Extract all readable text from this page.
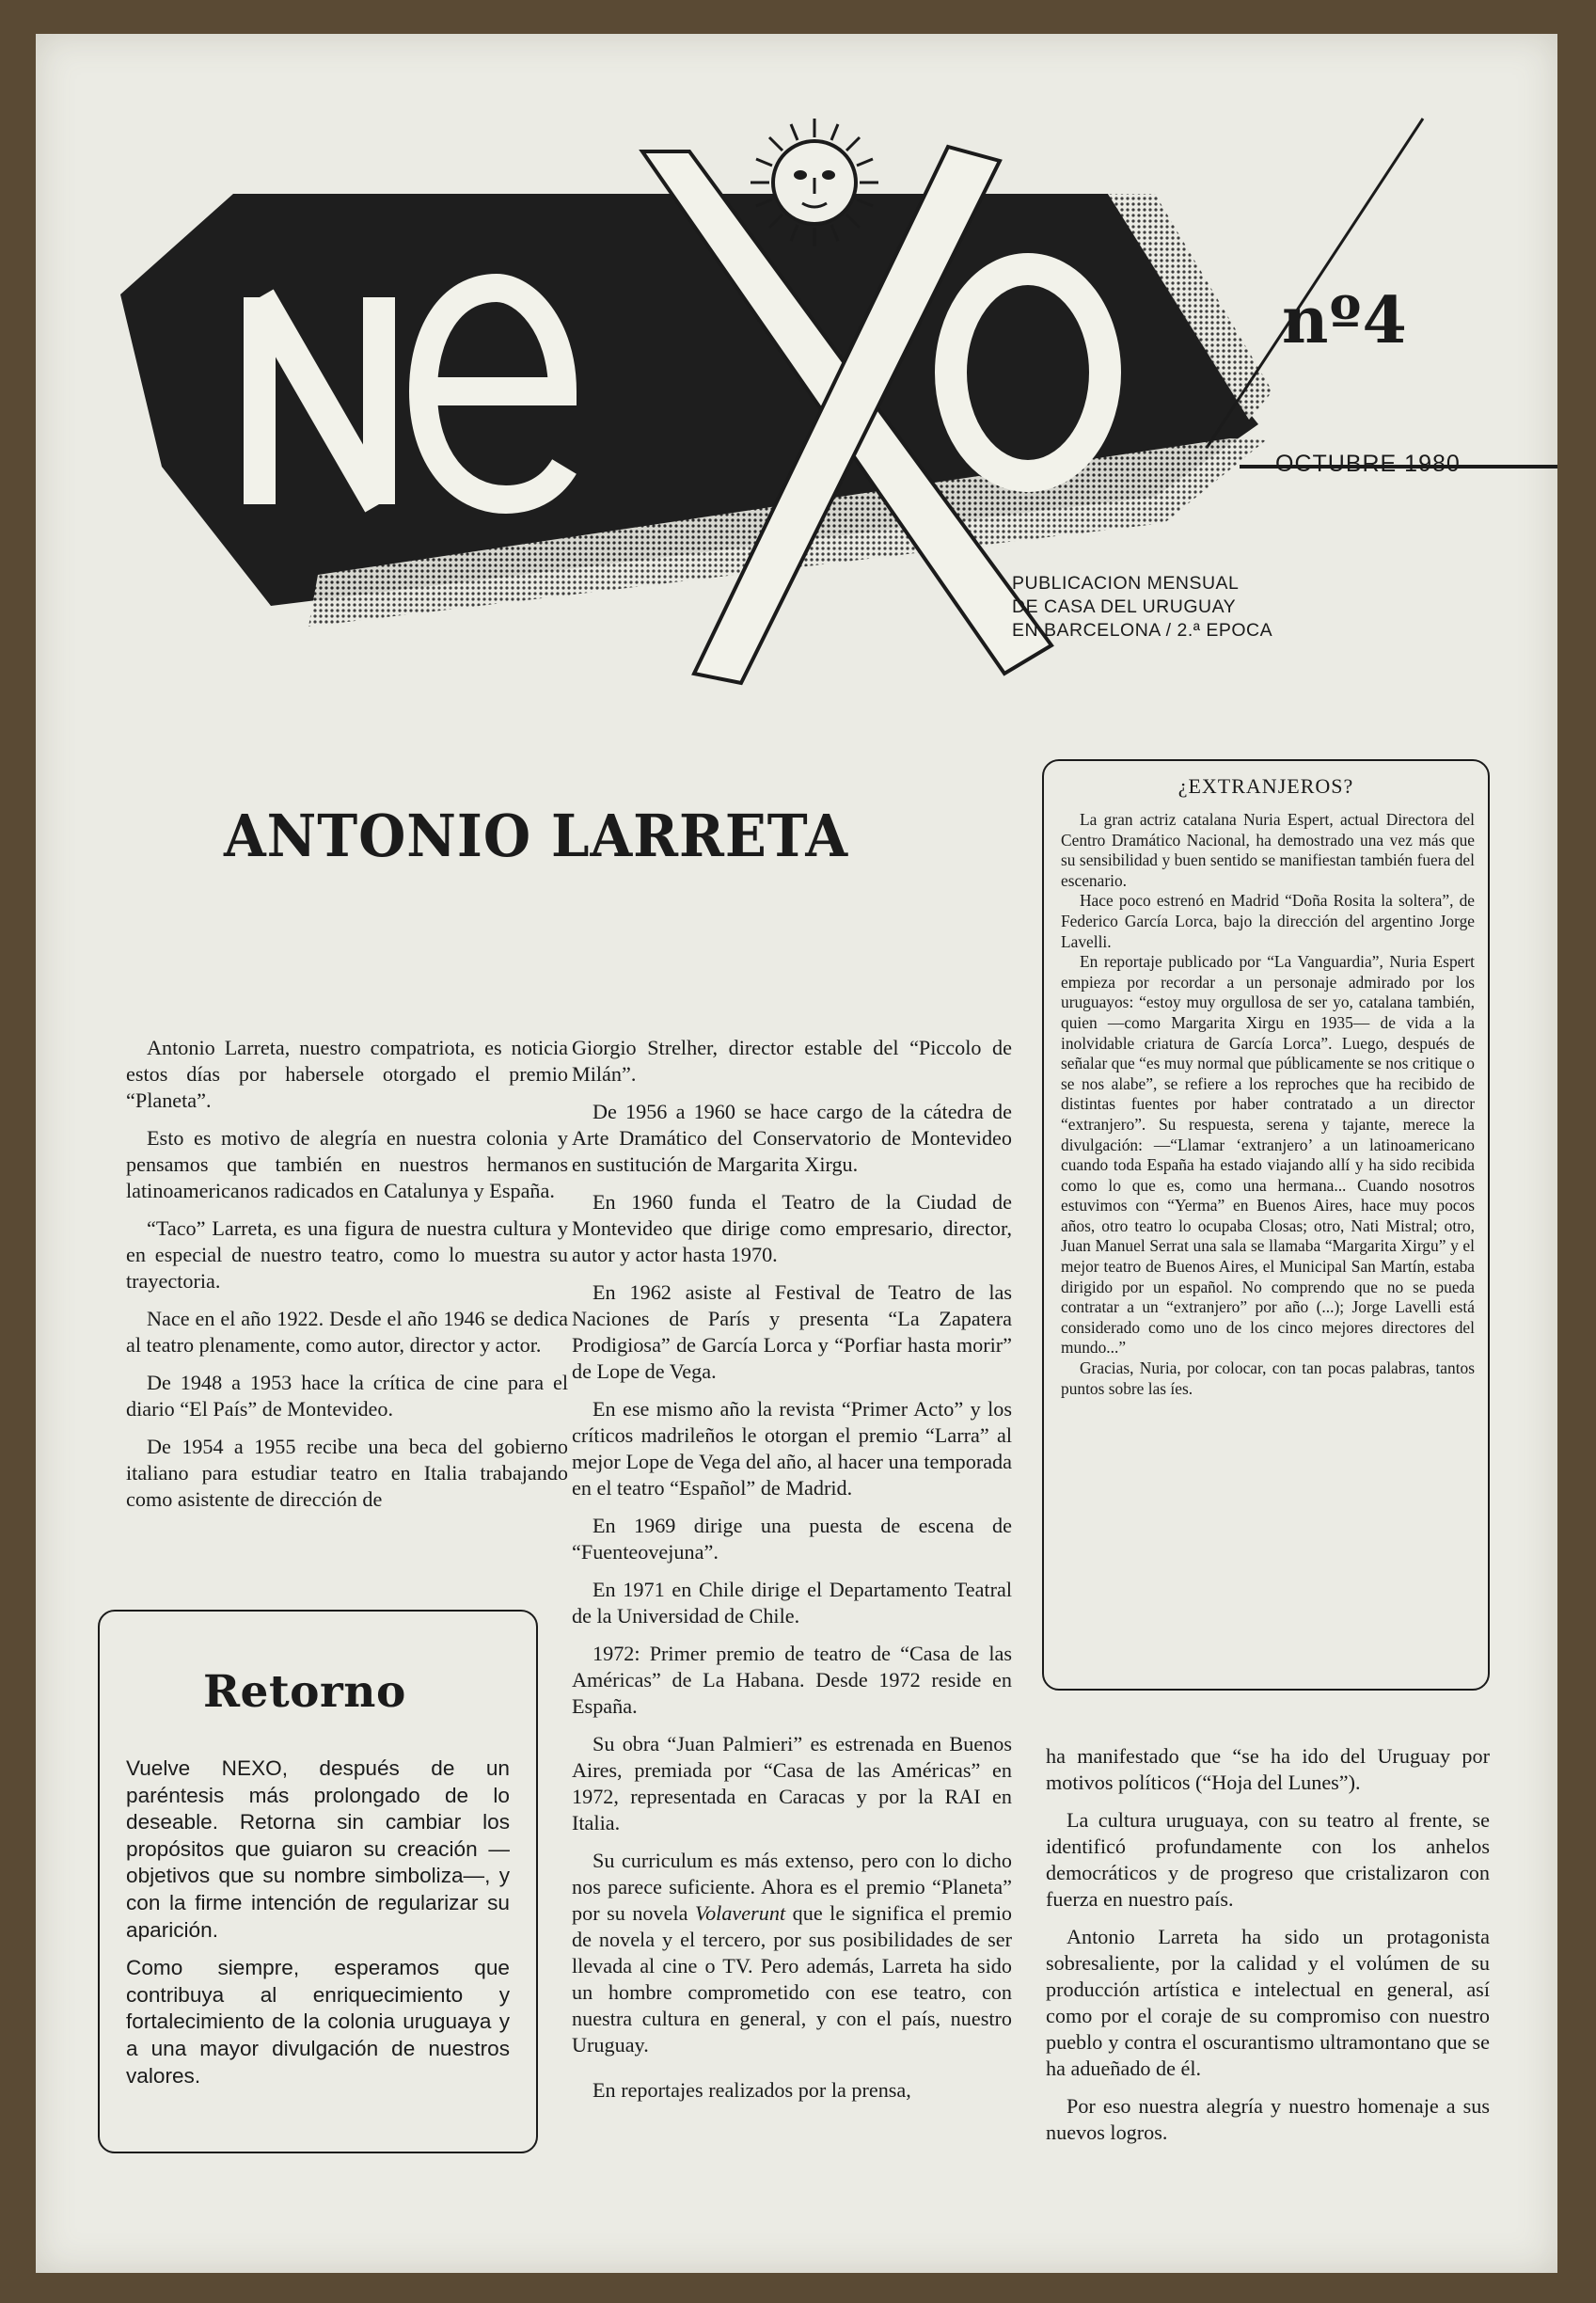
nº4
OCTUBRE 1980
PUBLICACION MENSUAL
DE CASA DEL URUGUAY
EN BARCELONA / 2.ª EPOCA
ANTONIO LARRETA

Antonio Larreta, nuestro compatriota, es noticia estos días por habersele otorgado el premio “Planeta”.

Esto es motivo de alegría en nuestra colonia y pensamos que también en nuestros hermanos latinoamericanos radicados en Catalunya y España.

“Taco” Larreta, es una figura de nuestra cultura y en especial de nuestro teatro, como lo muestra su trayectoria.

Nace en el año 1922. Desde el año 1946 se dedica al teatro plenamente, como autor, director y actor.

De 1948 a 1953 hace la crítica de cine para el diario “El País” de Montevideo.

De 1954 a 1955 recibe una beca del gobierno italiano para estudiar teatro en Italia trabajando como asistente de dirección de

Giorgio Strelher, director estable del “Piccolo de Milán”.

De 1956 a 1960 se hace cargo de la cátedra de Arte Dramático del Conservatorio de Montevideo en sustitución de Margarita Xirgu.

En 1960 funda el Teatro de la Ciudad de Montevideo que dirige como empresario, director, autor y actor hasta 1970.

En 1962 asiste al Festival de Teatro de las Naciones de París y presenta “La Zapatera Prodigiosa” de García Lorca y “Porfiar hasta morir” de Lope de Vega.

En ese mismo año la revista “Primer Acto” y los críticos madrileños le otorgan el premio “Larra” al mejor Lope de Vega del año, al hacer una temporada en el teatro “Español” de Madrid.

En 1969 dirige una puesta de escena de “Fuenteovejuna”.

En 1971 en Chile dirige el Departamento Teatral de la Universidad de Chile.

1972: Primer premio de teatro de “Casa de las Américas” de La Habana. Desde 1972 reside en España.

Su obra “Juan Palmieri” es estrenada en Buenos Aires, premiada por “Casa de las Américas” en 1972, representada en Caracas y por la RAI en Italia.

Su curriculum es más extenso, pero con lo dicho nos parece suficiente. Ahora es el premio “Planeta” por su novela Volaverunt que le significa el premio de novela y el tercero, por sus posibilidades de ser llevada al cine o TV. Pero además, Larreta ha sido un hombre comprometido con ese teatro, con nuestra cultura en general, y con el país, nuestro Uruguay.

En reportajes realizados por la prensa,

ha manifestado que “se ha ido del Uruguay por motivos políticos (“Hoja del Lunes”).

La cultura uruguaya, con su teatro al frente, se identificó profundamente con los anhelos democráticos y de progreso que cristalizaron con fuerza en nuestro país.

Antonio Larreta ha sido un protagonista sobresaliente, por la calidad y el volúmen de su producción artística e intelectual en general, así como por el coraje de su compromiso con nuestro pueblo y contra el oscurantismo ultramontano que se ha adueñado de él.

Por eso nuestra alegría y nuestro homenaje a sus nuevos logros.

¿EXTRANJEROS?

La gran actriz catalana Nuria Espert, actual Directora del Centro Dramático Nacional, ha demostrado una vez más que su sensibilidad y buen sentido se manifiestan también fuera del escenario.

Hace poco estrenó en Madrid “Doña Rosita la soltera”, de Federico García Lorca, bajo la dirección del argentino Jorge Lavelli.

En reportaje publicado por “La Vanguardia”, Nuria Espert empieza por recordar a un personaje admirado por los uruguayos: “estoy muy orgullosa de ser yo, catalana también, quien —como Margarita Xirgu en 1935— de vida a la inolvidable criatura de García Lorca”. Luego, después de señalar que “es muy normal que públicamente se nos critique o se nos alabe”, se refiere a los reproches que ha recibido de distintas fuentes por haber contratado a un director “extranjero”. Su respuesta, serena y tajante, merece la divulgación: —“Llamar ‘extranjero’ a un latinoamericano cuando toda España ha estado viajando allí y ha sido recibida como lo que es, como una hermana... Cuando nosotros estuvimos con “Yerma” en Buenos Aires, hace muy pocos años, otro teatro lo ocupaba Closas; otro, Nati Mistral; otro, Juan Manuel Serrat una sala se llamaba “Margarita Xirgu” y el mejor teatro de Buenos Aires, el Municipal San Martín, estaba dirigido por un español. No comprendo que no se pueda contratar a un “extranjero” por año (...); Jorge Lavelli está considerado como uno de los cinco mejores directores del mundo...”

Gracias, Nuria, por colocar, con tan pocas palabras, tantos puntos sobre las íes.

Retorno

Vuelve NEXO, después de un paréntesis más prolongado de lo deseable. Retorna sin cambiar los propósitos que guiaron su creación —objetivos que su nombre simboliza—, y con la firme intención de regularizar su aparición.

Como siempre, esperamos que contribuya al enriquecimiento y fortalecimiento de la colonia uruguaya y a una mayor divulgación de nuestros valores.
